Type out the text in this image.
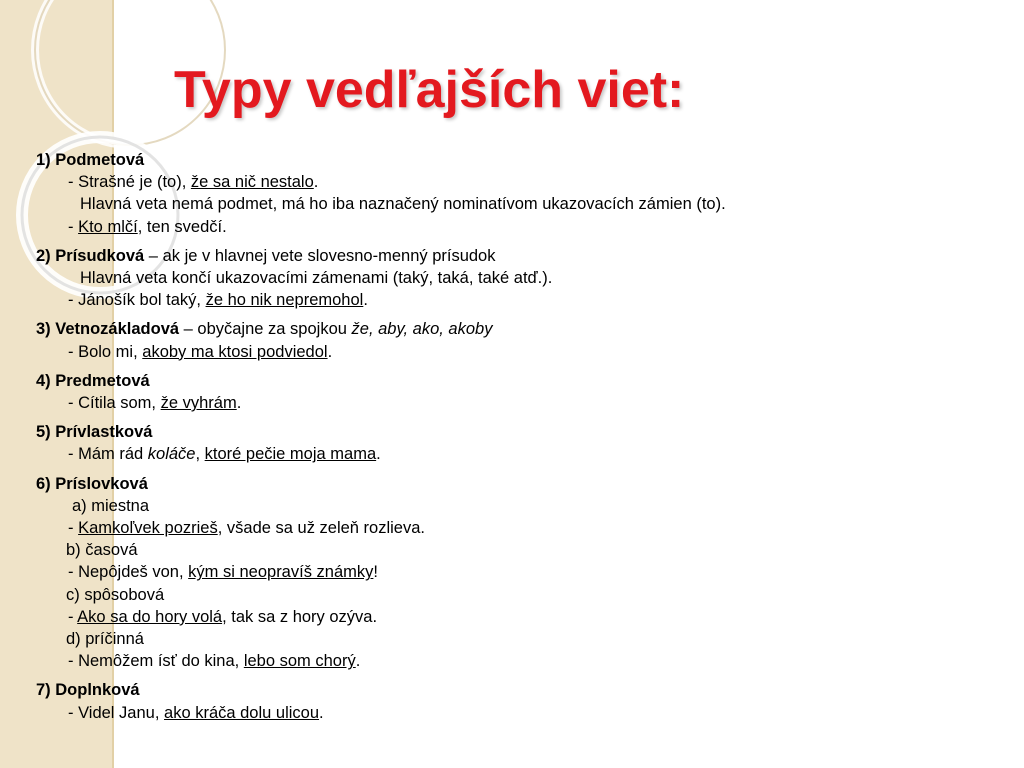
Typy vedľajších viet:
1) Podmetová
- Strašné je (to), že sa nič nestalo.
Hlavná veta nemá podmet, má ho iba naznačený nominatívom ukazovacích zámien (to).
- Kto mlčí, ten svedčí.
2) Prísudková – ak je v hlavnej vete slovesno-menný prísudok
Hlavná veta končí ukazovacími zámenami (taký, taká, také atď.).
- Jánošík bol taký, že ho nik nepremohol.
3) Vetnozákladová – obyčajne za spojkou že, aby, ako, akoby
- Bolo mi, akoby ma ktosi podviedol.
4) Predmetová
- Cítila som, že vyhrám.
5) Prívlastková
- Mám rád koláče, ktoré pečie moja mama.
6) Príslovková
a) miestna
- Kamkoľvek pozrieš, všade sa už zeleň rozlieva.
b) časová
- Nepôjdeš von, kým si neopravíš známky!
c) spôsobová
- Ako sa do hory volá, tak sa z hory ozýva.
d) príčinná
- Nemôžem ísť do kina, lebo som chorý.
7) Doplnková
- Videl Janu, ako kráča dolu ulicou.
